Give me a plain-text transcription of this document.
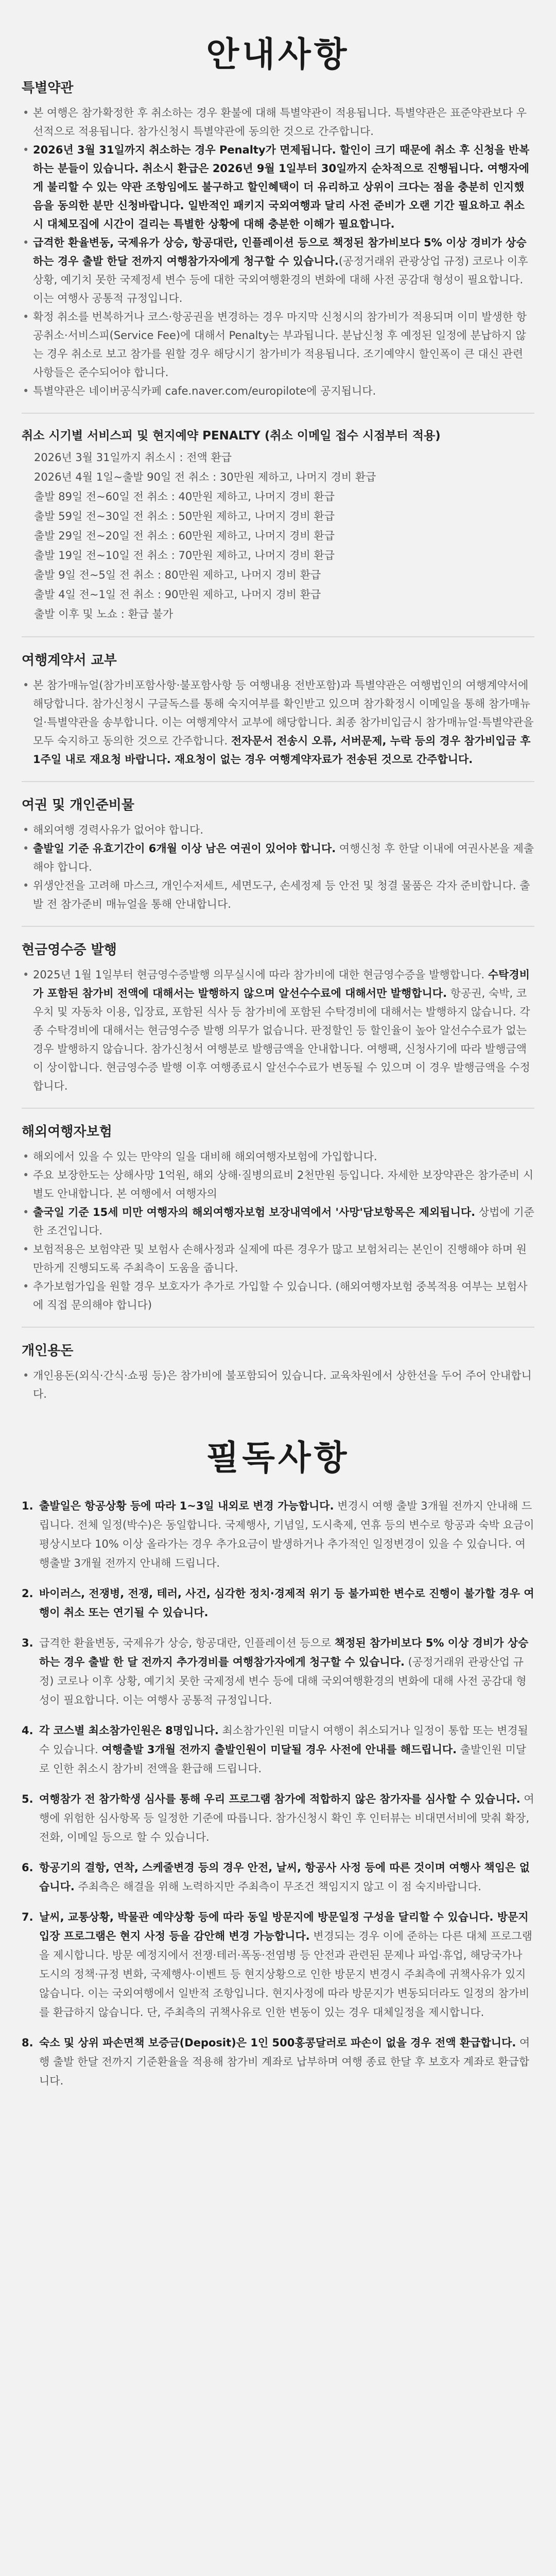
안내사항
특별약관
• 본 여행은 참가확정한 후 취소하는 경우 환불에 대해 특별약관이 적용됩니다. 특별약관은 표준약관보다 우선적으로 적용됩니다. 참가신청시 특별약관에 동의한 것으로 간주합니다.
• 2026년 3월 31일까지 취소하는 경우 Penalty가 면제됩니다. 할인이 크기 때문에 취소 후 신청을 반복하는 분들이 있습니다. 취소시 환급은 2026년 9월 1일부터 30일까지 순차적으로 진행됩니다. 여행자에게 불리할 수 있는 약관 조항임에도 불구하고 할인혜택이 더 유리하고 상위이 크다는 점을 충분히 인지했음을 동의한 분만 신청바랍니다. 일반적인 패키지 국외여행과 달리 사전 준비가 오랜 기간 필요하고 취소시 대체모집에 시간이 걸리는 특별한 상황에 대해 충분한 이해가 필요합니다.
• 급격한 환율변동, 국제유가 상승, 항공대란, 인플레이션 등으로 책정된 참가비보다 5% 이상 경비가 상승하는 경우 출발 한달 전까지 여행참가자에게 청구할 수 있습니다.(공정거래위 관광상업 규정) 코로나 이후 상황, 예기치 못한 국제정세 변수 등에 대한 국외여행환경의 변화에 대해 사전 공감대 형성이 필요합니다. 이는 여행사 공통적 규정입니다.
• 확정 취소를 번복하거나 코스·항공권을 변경하는 경우 마지막 신청시의 참가비가 적용되며 이미 발생한 항공취소·서비스피(Service Fee)에 대해서 Penalty는 부과됩니다. 분납신청 후 예정된 일정에 분납하지 않는 경우 취소로 보고 참가를 원할 경우 해당시기 참가비가 적용됩니다. 조기예약시 할인폭이 큰 대신 관련 사항들은 준수되어야 합니다.
• 특별약관은 네이버공식카페 cafe.naver.com/europilote에 공지됩니다.
취소 시기별 서비스피 및 현지예약 PENALTY (취소 이메일 접수 시점부터 적용)
2026년 3월 31일까지 취소시 : 전액 환급
2026년 4월 1일~출발 90일 전 취소 : 30만원 제하고, 나머지 경비 환급
출발 89일 전~60일 전 취소 : 40만원 제하고, 나머지 경비 환급
출발 59일 전~30일 전 취소 : 50만원 제하고, 나머지 경비 환급
출발 29일 전~20일 전 취소 : 60만원 제하고, 나머지 경비 환급
출발 19일 전~10일 전 취소 : 70만원 제하고, 나머지 경비 환급
출발 9일 전~5일 전 취소 : 80만원 제하고, 나머지 경비 환급
출발 4일 전~1일 전 취소 : 90만원 제하고, 나머지 경비 환급
출발 이후 및 노쇼 : 환급 불가
여행계약서 교부
• 본 참가매뉴얼(참가비포함사항·불포함사항 등 여행내용 전반포함)과 특별약관은 여행법인의 여행계약서에 해당합니다. 참가신청시 구글독스를 통해 숙지여부를 확인받고 있으며 참가확정시 이메일을 통해 참가매뉴얼·특별약관을 송부합니다. 이는 여행계약서 교부에 해당합니다. 최종 참가비입금시 참가매뉴얼·특별약관을 모두 숙지하고 동의한 것으로 간주합니다. 전자문서 전송시 오류, 서버문제, 누락 등의 경우 참가비입금 후 1주일 내로 재요청 바랍니다. 재요청이 없는 경우 여행계약자료가 전송된 것으로 간주합니다.
여권 및 개인준비물
• 해외여행 경력사유가 없어야 합니다.
• 출발일 기준 유효기간이 6개월 이상 남은 여권이 있어야 합니다. 여행신청 후 한달 이내에 여권사본을 제출해야 합니다.
• 위생안전을 고려해 마스크, 개인수저세트, 세면도구, 손세정제 등 안전 및 청결 물품은 각자 준비합니다. 출발 전 참가준비 매뉴얼을 통해 안내합니다.
현금영수증 발행
• 2025년 1월 1일부터 현금영수증발행 의무실시에 따라 참가비에 대한 현금영수증을 발행합니다. 수탁경비가 포함된 참가비 전액에 대해서는 발행하지 않으며 알선수수료에 대해서만 발행합니다. 항공권, 숙박, 코우치 및 자동차 이용, 입장료, 포함된 식사 등 참가비에 포함된 수탁경비에 대해서는 발행하지 않습니다. 각종 수탁경비에 대해서는 현금영수증 발행 의무가 없습니다. 판정할인 등 할인율이 높아 알선수수료가 없는 경우 발행하지 않습니다. 참가신청서 여행분로 발행금액을 안내합니다. 여행팩, 신청사기에 따라 발행금액이 상이합니다. 현금영수증 발행 이후 여행종료시 알선수수료가 변동될 수 있으며 이 경우 발행금액을 수정합니다.
해외여행자보험
• 해외에서 있을 수 있는 만약의 일을 대비해 해외여행자보험에 가입합니다.
• 주요 보장한도는 상해사망 1억원, 해외 상해·질병의료비 2천만원 등입니다. 자세한 보장약관은 참가준비 시 별도 안내합니다. 본 여행에서 여행자의
• 출국일 기준 15세 미만 여행자의 해외여행자보험 보장내역에서 '사망'담보항목은 제외됩니다. 상법에 기준한 조건입니다.
• 보험적용은 보험약관 및 보험사 손해사정과 실제에 따른 경우가 많고 보험처리는 본인이 진행해야 하며 원만하게 진행되도록 주최측이 도움을 줍니다.
• 추가보험가입을 원할 경우 보호자가 추가로 가입할 수 있습니다. (해외여행자보험 중복적용 여부는 보험사에 직접 문의해야 합니다)
개인용돈
• 개인용돈(외식·간식·쇼핑 등)은 참가비에 불포함되어 있습니다. 교육차원에서 상한선을 두어 주어 안내합니다.
필독사항
1. 출발일은 항공상황 등에 따라 1~3일 내외로 변경 가능합니다. 변경시 여행 출발 3개월 전까지 안내해 드립니다. 전체 일정(박수)은 동일합니다. 국제행사, 기념일, 도시축제, 연휴 등의 변수로 항공과 숙박 요금이 평상시보다 10% 이상 올라가는 경우 추가요금이 발생하거나 추가적인 일정변경이 있을 수 있습니다. 여행출발 3개월 전까지 안내해 드립니다.
2. 바이러스, 전쟁병, 전쟁, 테러, 사건, 심각한 정치·경제적 위기 등 불가피한 변수로 진행이 불가할 경우 여행이 취소 또는 연기될 수 있습니다.
3. 급격한 환율변동, 국제유가 상승, 항공대란, 인플레이션 등으로 책정된 참가비보다 5% 이상 경비가 상승하는 경우 출발 한 달 전까지 추가경비를 여행참가자에게 청구할 수 있습니다. (공정거래위 관광산업 규정) 코로나 이후 상황, 예기치 못한 국제정세 변수 등에 대해 국외여행환경의 변화에 대해 사전 공감대 형성이 필요합니다. 이는 여행사 공통적 규정입니다.
4. 각 코스별 최소참가인원은 8명입니다. 최소참가인원 미달시 여행이 취소되거나 일정이 통합 또는 변경될 수 있습니다. 여행출발 3개월 전까지 출발인원이 미달될 경우 사전에 안내를 해드립니다. 출발인원 미달로 인한 취소시 참가비 전액을 환급해 드립니다.
5. 여행참가 전 참가학생 심사를 통해 우리 프로그램 참가에 적합하지 않은 참가자를 심사할 수 있습니다. 여행에 위험한 심사항목 등 일정한 기준에 따릅니다. 참가신청시 확인 후 인터뷰는 비대면서비에 맞춰 확장, 전화, 이메일 등으로 할 수 있습니다.
6. 항공기의 결항, 연착, 스케줄변경 등의 경우 안전, 날씨, 항공사 사정 등에 따른 것이며 여행사 책임은 없습니다. 주최측은 해결을 위해 노력하지만 주최측이 무조건 책임지지 않고 이 점 숙지바랍니다.
7. 날씨, 교통상황, 박물관 예약상황 등에 따라 동일 방문지에 방문일정 구성을 달리할 수 있습니다. 방문지 입장 프로그램은 현지 사정 등을 감안해 변경 가능합니다. 변경되는 경우 이에 준하는 다른 대체 프로그램을 제시합니다. 방문 예정지에서 전쟁·테러·폭동·전염병 등 안전과 관련된 문제나 파업·휴업, 해당국가나 도시의 정책·규정 변화, 국제행사·이벤트 등 현지상황으로 인한 방문지 변경시 주최측에 귀책사유가 있지 않습니다. 이는 국외여행에서 일반적 조항입니다. 현지사정에 따라 방문지가 변동되더라도 일정의 참가비를 환급하지 않습니다. 단, 주최측의 귀책사유로 인한 변동이 있는 경우 대체일정을 제시합니다.
8. 숙소 및 상위 파손면책 보증금(Deposit)은 1인 500홍콩달러로 파손이 없을 경우 전액 환급합니다. 여행 출발 한달 전까지 기준환율을 적용해 참가비 계좌로 납부하며 여행 종료 한달 후 보호자 계좌로 환급합니다.
